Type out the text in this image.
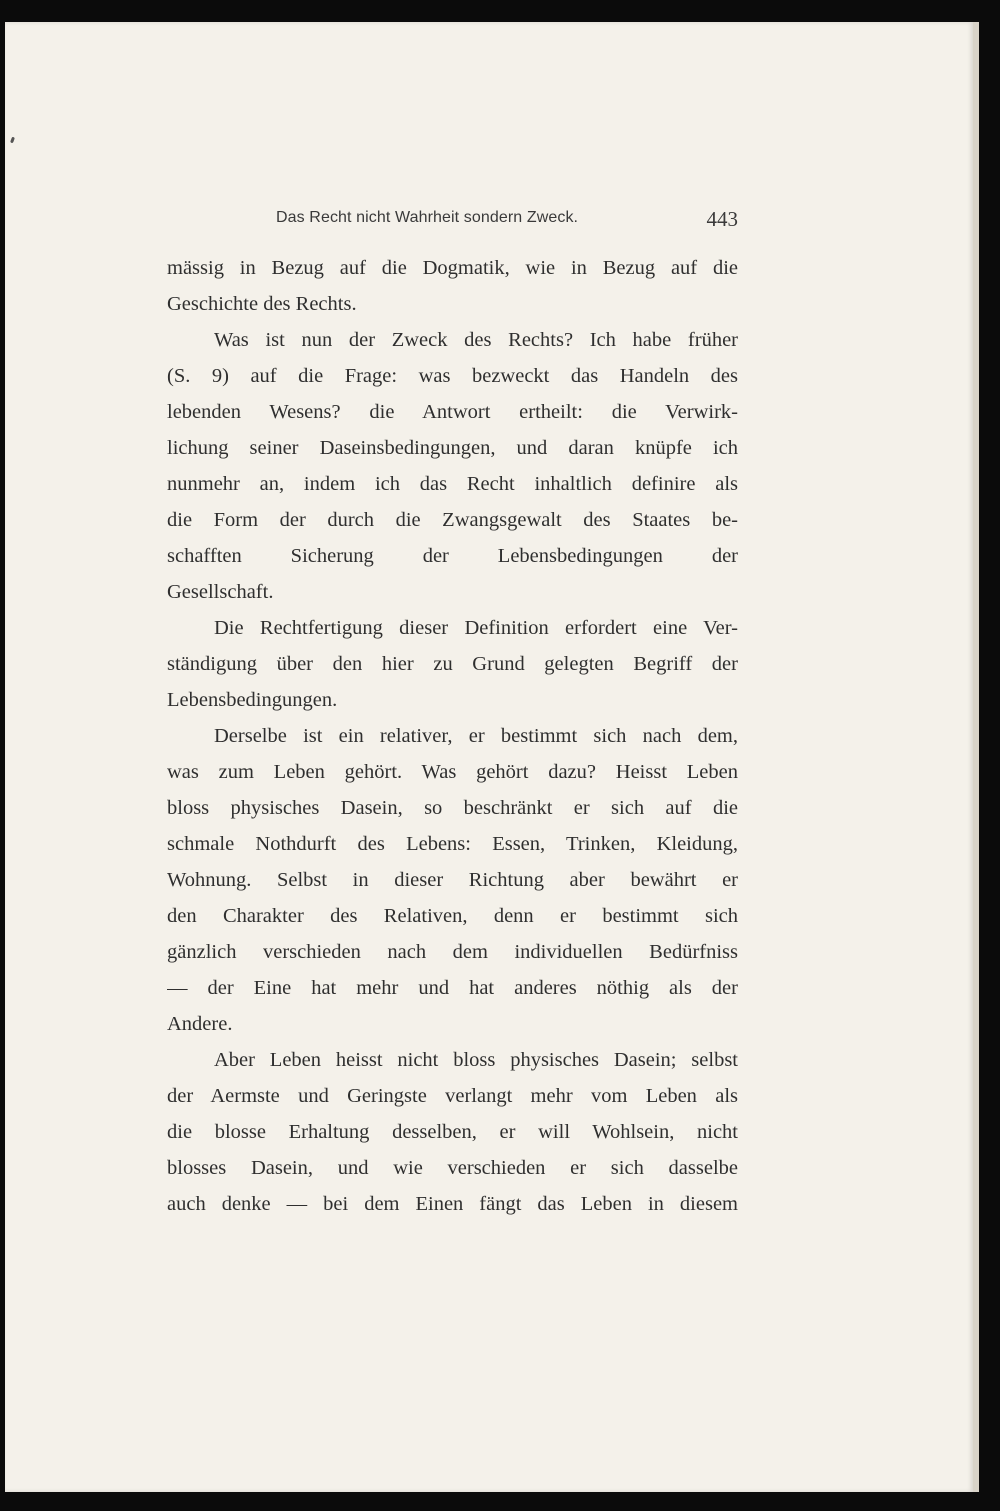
Das Recht nicht Wahrheit sondern Zweck.	443
mässig in Bezug auf die Dogmatik, wie in Bezug auf die
Geschichte des Rechts.
Was ist nun der Zweck des Rechts? Ich habe früher
(S. 9) auf die Frage: was bezweckt das Handeln des
lebenden Wesens? die Antwort ertheilt: die Verwirk-
lichung seiner Daseinsbedingungen, und daran knüpfe ich
nunmehr an, indem ich das Recht inhaltlich definire als
die Form der durch die Zwangsgewalt des Staates be-
schafften Sicherung der Lebensbedingungen der
Gesellschaft.
Die Rechtfertigung dieser Definition erfordert eine Ver-
ständigung über den hier zu Grund gelegten Begriff der
Lebensbedingungen.
Derselbe ist ein relativer, er bestimmt sich nach dem,
was zum Leben gehört. Was gehört dazu? Heisst Leben
bloss physisches Dasein, so beschränkt er sich auf die
schmale Nothdurft des Lebens: Essen, Trinken, Kleidung,
Wohnung. Selbst in dieser Richtung aber bewährt er
den Charakter des Relativen, denn er bestimmt sich
gänzlich verschieden nach dem individuellen Bedürfniss
— der Eine hat mehr und hat anderes nöthig als der
Andere.
Aber Leben heisst nicht bloss physisches Dasein; selbst
der Aermste und Geringste verlangt mehr vom Leben als
die blosse Erhaltung desselben, er will Wohlsein, nicht
blosses Dasein, und wie verschieden er sich dasselbe
auch denke — bei dem Einen fängt das Leben in diesem
